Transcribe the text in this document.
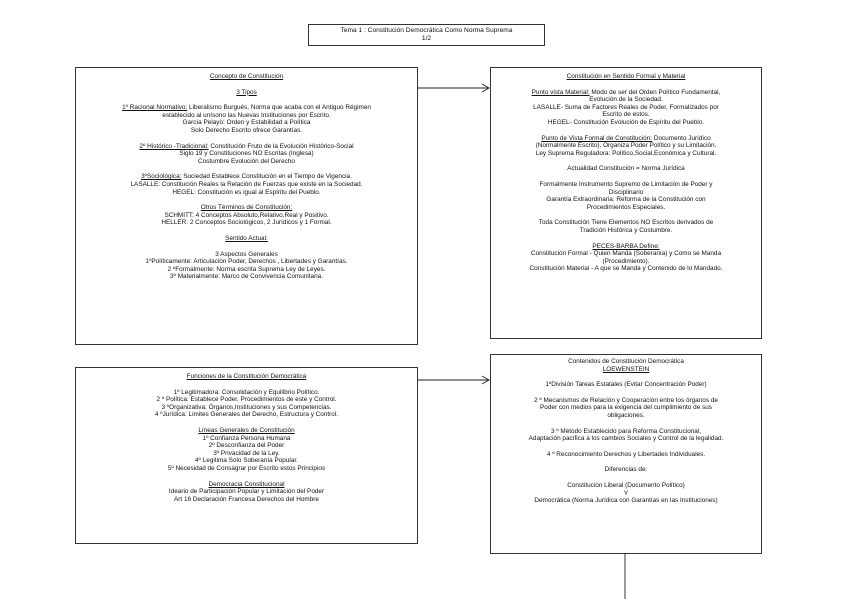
Tema 1 : Constitución Democrática Como Norma Suprema
1/2
Concepto de Constitución
3 Tipos
1º Racional Normativo: Liberalismo Burgués, Norma que acaba con el Antiguo Régimen
establecido al unísono las Nuevas Instituciones por Escrito.
García Pelayo: Orden y Estabilidad a Política
Solo Derecho Escrito ofrece Garantías.
2º Histórico -Tradicional: Constitución Fruto de la Evolución Histórico-Social
Siglo 19 y Constituciones NO Escritas (Inglesa)
Costumbre Evolución del Derecho
3ºSociológica: Sociedad Establece Constitución en el Tiempo de Vigencia.
LASALLE: Constitución Reales la Relación de Fuerzas que existe en la Sociedad.
HEGEL: Constitución es igual al Espíritu del Pueblo.
Otros Términos de Constitución:
SCHMITT: 4 Conceptos Absoluto,Relativo,Real y Positivo.
HELLER: 2 Conceptos Sociológicos, 2 Jurídicos y 1 Formal.
Sentido Actual:
3 Aspectos Generales
1ºPolíticamente: Articulación Poder, Derechos , Libertades y Garantías.
2 ºFormalmente: Norma escrita Suprema Ley de Leyes.
3º Materialmente: Marco de Convivencia Comunitaria.
Constitución en Sentido Formal y Material
Punto vista Material: Modo de ser del Orden Político Fundamental,
Evolución de la Sociedad.
LASALLE- Suma de Factores Reales de Poder, Formalizados por
Escrito de estos.
HEGEL- Constitución Evolución de Espíritu del Pueblo.
Punto de Vista Formal de Constitución: Documento Jurídico
(Normalmente Escrito), Organiza Poder Político y su Limitación.
Ley Suprema Reguladora: Político,Social,Económica y Cultural.
Actualidad Constitución = Norma Jurídica
Formalmente Instrumento Supremo de Limitación de Poder y
Disciplinario
Garantía Extraordinaria: Reforma de la Constitución con
Procedimientos Especiales.
Toda Constitución Tiene Elementos NO Escritos derivados de
Tradición Histórica y Costumbre.
PECES-BARBA Define:
Constitución Formal - Quien Manda (Soberanía) y Como se Manda
(Procedimiento).
Constitución Material - A que se Manda y Contenido de lo Mandado.
Funciones de la Constitución Democrática
1º Legitimadora: Consolidación y Equilibrio Político.
2 º Política: Establece Poder, Procedimientos de este y Control.
3 ºOrganizativa: Órganos,Instituciones y sus Competencias.
4 ºJurídica: Limites Generales del Derecho, Estructura y Control.
Líneas Generales de Constitución
1º Confianza Persona Humana
2º Desconfianza del Poder
3º Privacidad de la Ley.
4º Legitima Solo Soberanía Popular.
5º Necesidad de Consagrar por Escrito estos Principios
Democracia Constitucional
Ideario de Participación Popular y Limitación del Poder
Art 16 Declaración Francesa Derechos del Hombre
Contenidos de Constitución Democrática
LOEWENSTEIN
1ºDivisión Tareas Estatales (Evitar Concentración Poder)
2 º Mecanismos de Relación y Cooperación entre los órganos de
Poder con medios para la exigencia del cumplimiento de sus
obligaciones.
3 º Método Establecido para Reforma Constitucional,
Adaptación pacífica a los cambios Sociales y Control de la legalidad.
4 º Reconocimiento Derechos y Libertades Individuales.
Diferencias de:
Constitución Liberal (Documento Político)
Y
Democrática (Norma Jurídica con Garantías en las Instituciones)
